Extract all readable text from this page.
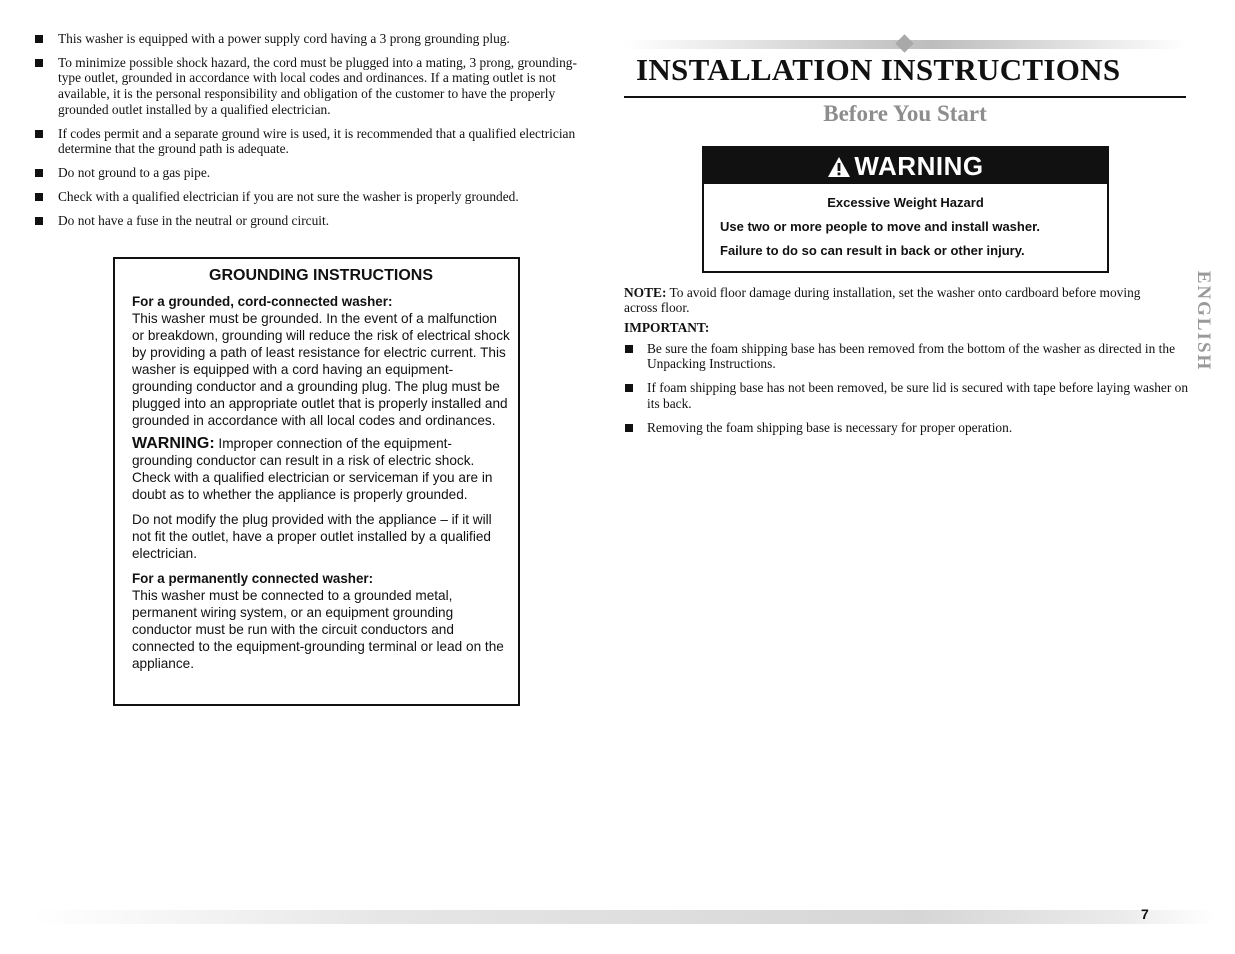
This washer is equipped with a power supply cord having a 3 prong grounding plug.
To minimize possible shock hazard, the cord must be plugged into a mating, 3 prong, grounding-type outlet, grounded in accordance with local codes and ordinances. If a mating outlet is not available, it is the personal responsibility and obligation of the customer to have the properly grounded outlet installed by a qualified electrician.
If codes permit and a separate ground wire is used, it is recommended that a qualified electrician determine that the ground path is adequate.
Do not ground to a gas pipe.
Check with a qualified electrician if you are not sure the washer is properly grounded.
Do not have a fuse in the neutral or ground circuit.

GROUNDING INSTRUCTIONS

For a grounded, cord-connected washer:

This washer must be grounded. In the event of a malfunction or breakdown, grounding will reduce the risk of electrical shock by providing a path of least resistance for electric current. This washer is equipped with a cord having an equipment-grounding conductor and a grounding plug. The plug must be plugged into an appropriate outlet that is properly installed and grounded in accordance with all local codes and ordinances.

WARNING: Improper connection of the equipment-grounding conductor can result in a risk of electric shock. Check with a qualified electrician or serviceman if you are in doubt as to whether the appliance is properly grounded.

Do not modify the plug provided with the appliance – if it will not fit the outlet, have a proper outlet installed by a qualified electrician.

For a permanently connected washer:

This washer must be connected to a grounded metal, permanent wiring system, or an equipment grounding conductor must be run with the circuit conductors and connected to the equipment-grounding terminal or lead on the appliance.

INSTALLATION INSTRUCTIONS
Before You Start
WARNING

Excessive Weight Hazard

Use two or more people to move and install washer.

Failure to do so can result in back or other injury.

NOTE: To avoid floor damage during installation, set the washer onto cardboard before moving across floor.

IMPORTANT:

Be sure the foam shipping base has been removed from the bottom of the washer as directed in the Unpacking Instructions.
If foam shipping base has not been removed, be sure lid is secured with tape before laying washer on its back.
Removing the foam shipping base is necessary for proper operation.
ENGLISH
7
